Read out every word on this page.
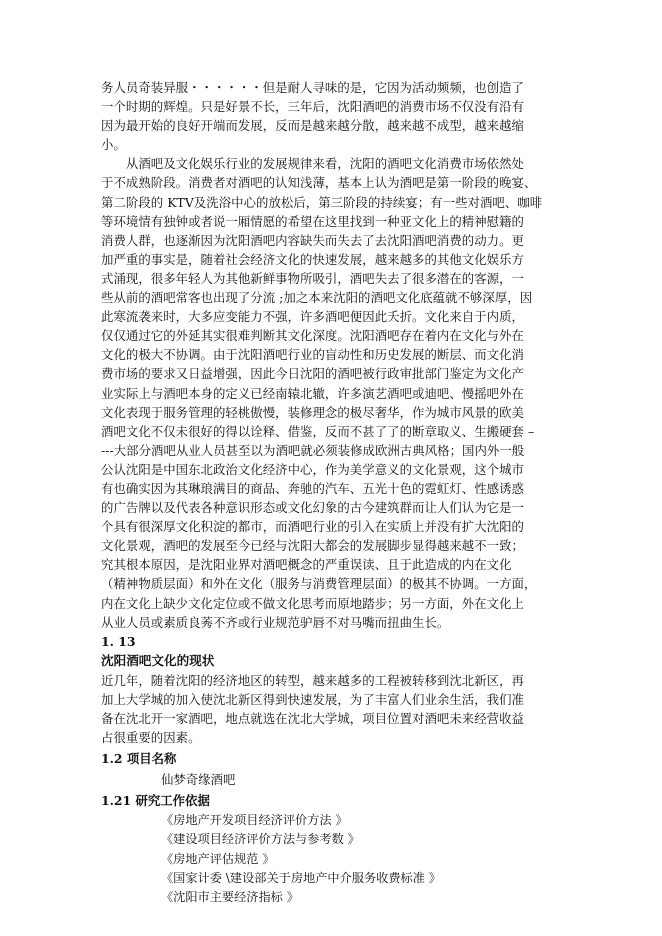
务人员奇装异服・・・・・・但是耐人寻味的是，它因为活动频频，也创造了

一个时期的辉煌。只是好景不长，三年后，沈阳酒吧的消费市场不仅没有沿有

因为最开始的良好开端而发展，反而是越来越分散，越来越不成型，越来越缩

小。

　　从酒吧及文化娱乐行业的发展规律来看，沈阳的酒吧文化消费市场依然处

于不成熟阶段。消费者对酒吧的认知浅薄，基本上认为酒吧是第一阶段的晚宴、

第二阶段的 KTV及洗浴中心的放松后，第三阶段的持续宴；有一些对酒吧、咖啡

等环境情有独钟或者说一厢情愿的希望在这里找到一种亚文化上的精神慰籍的

消费人群，也逐渐因为沈阳酒吧内容缺失而失去了去沈阳酒吧消费的动力。更

加严重的事实是，随着社会经济文化的快速发展，越来越多的其他文化娱乐方

式涌现，很多年轻人为其他新鲜事物所吸引，酒吧失去了很多潜在的客源，一

些从前的酒吧常客也出现了分流 ;加之本来沈阳的酒吧文化底蕴就不够深厚，因

此寒流袭来时，大多应变能力不强，许多酒吧便因此夭折。文化来自于内质，

仅仅通过它的外延其实很难判断其文化深度。沈阳酒吧存在着内在文化与外在

文化的极大不协调。由于沈阳酒吧行业的盲动性和历史发展的断层、而文化消

费市场的要求又日益增强，因此今日沈阳的酒吧被行政审批部门鉴定为文化产

业实际上与酒吧本身的定义已经南辕北辙，许多演艺酒吧或迪吧、慢摇吧外在

文化表现于服务管理的轻桃傲慢，装修理念的极尽奢华，作为城市风景的欧美

酒吧文化不仅未很好的得以诠释、借鉴，反而不甚了了的断章取义、生搬硬套 –

---大部分酒吧从业人员甚至以为酒吧就必须装修成欧洲古典风格；国内外一般

公认沈阳是中国东北政治文化经济中心，作为美学意义的文化景观，这个城市

有也确实因为其琳琅满目的商品、奔驰的汽车、五光十色的霓虹灯、性感诱惑

的广告牌以及代表各种意识形态或文化幻象的古今建筑群而让人们认为它是一

个具有很深厚文化积淀的都市，而酒吧行业的引入在实质上并没有扩大沈阳的

文化景观，酒吧的发展至今已经与沈阳大都会的发展脚步显得越来越不一致；

究其根本原因，是沈阳业界对酒吧概念的严重误读、且于此造成的内在文化

（精神物质层面）和外在文化（服务与消费管理层面）的极其不协调。一方面，

内在文化上缺少文化定位或不做文化思考而原地踏步；另一方面，外在文化上

从业人员或素质良莠不齐或行业规范驴唇不对马嘴而扭曲生长。

1. 13
沈阳酒吧文化的现状

近几年，随着沈阳的经济地区的转型，越来越多的工程被转移到沈北新区，再

加上大学城的加入使沈北新区得到快速发展，为了丰富人们业余生活，我们准

备在沈北开一家酒吧，地点就选在沈北大学城，项目位置对酒吧未来经营收益

占很重要的因素。

1.2 项目名称
仙梦奇缘酒吧
1.21 研究工作依据
《房地产开发项目经济评价方法 》
《建设项目经济评价方法与参考数 》
《房地产评估规范 》
《国家计委 \建设部关于房地产中介服务收费标准 》
《沈阳市主要经济指标 》
